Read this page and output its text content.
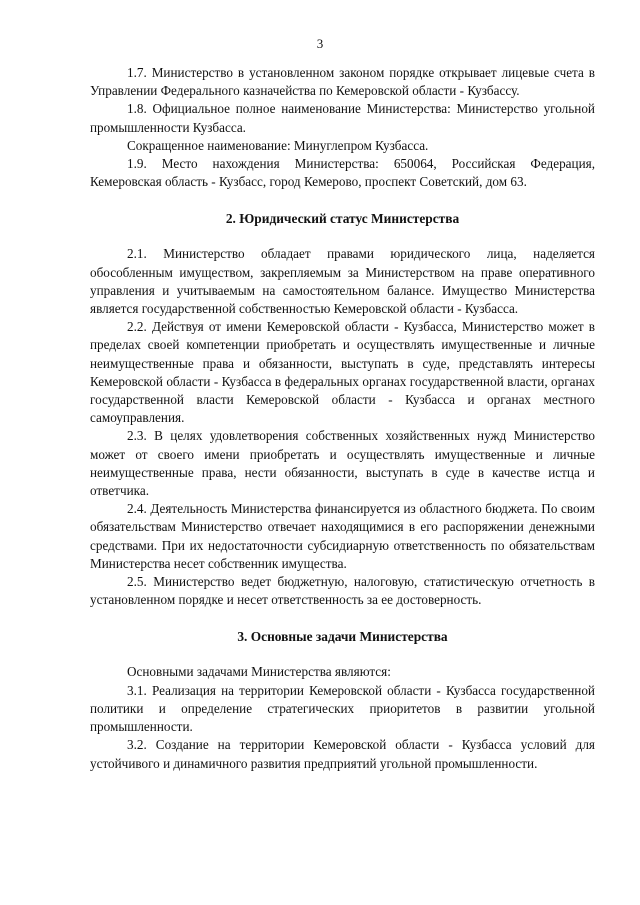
3

1.7. Министерство в установленном законом порядке открывает лицевые счета в Управлении Федерального казначейства по Кемеровской области - Кузбассу.

1.8. Официальное полное наименование Министерства: Министерство угольной промышленности Кузбасса.

Сокращенное наименование: Минуглепром Кузбасса.

1.9. Место нахождения Министерства: 650064, Российская Федерация, Кемеровская область - Кузбасс, город Кемерово, проспект Советский, дом 63.

2. Юридический статус Министерства

2.1. Министерство обладает правами юридического лица, наделяется обособленным имуществом, закрепляемым за Министерством на праве оперативного управления и учитываемым на самостоятельном балансе. Имущество Министерства является государственной собственностью Кемеровской области - Кузбасса.

2.2. Действуя от имени Кемеровской области - Кузбасса, Министерство может в пределах своей компетенции приобретать и осуществлять имущественные и личные неимущественные права и обязанности, выступать в суде, представлять интересы Кемеровской области - Кузбасса в федеральных органах государственной власти, органах государственной власти Кемеровской области - Кузбасса и органах местного самоуправления.

2.3. В целях удовлетворения собственных хозяйственных нужд Министерство может от своего имени приобретать и осуществлять имущественные и личные неимущественные права, нести обязанности, выступать в суде в качестве истца и ответчика.

2.4. Деятельность Министерства финансируется из областного бюджета. По своим обязательствам Министерство отвечает находящимися в его распоряжении денежными средствами. При их недостаточности субсидиарную ответственность по обязательствам Министерства несет собственник имущества.

2.5. Министерство ведет бюджетную, налоговую, статистическую отчетность в установленном порядке и несет ответственность за ее достоверность.

3. Основные задачи Министерства

Основными задачами Министерства являются:

3.1. Реализация на территории Кемеровской области - Кузбасса государственной политики и определение стратегических приоритетов в развитии угольной промышленности.

3.2. Создание на территории Кемеровской области - Кузбасса условий для устойчивого и динамичного развития предприятий угольной промышленности.
